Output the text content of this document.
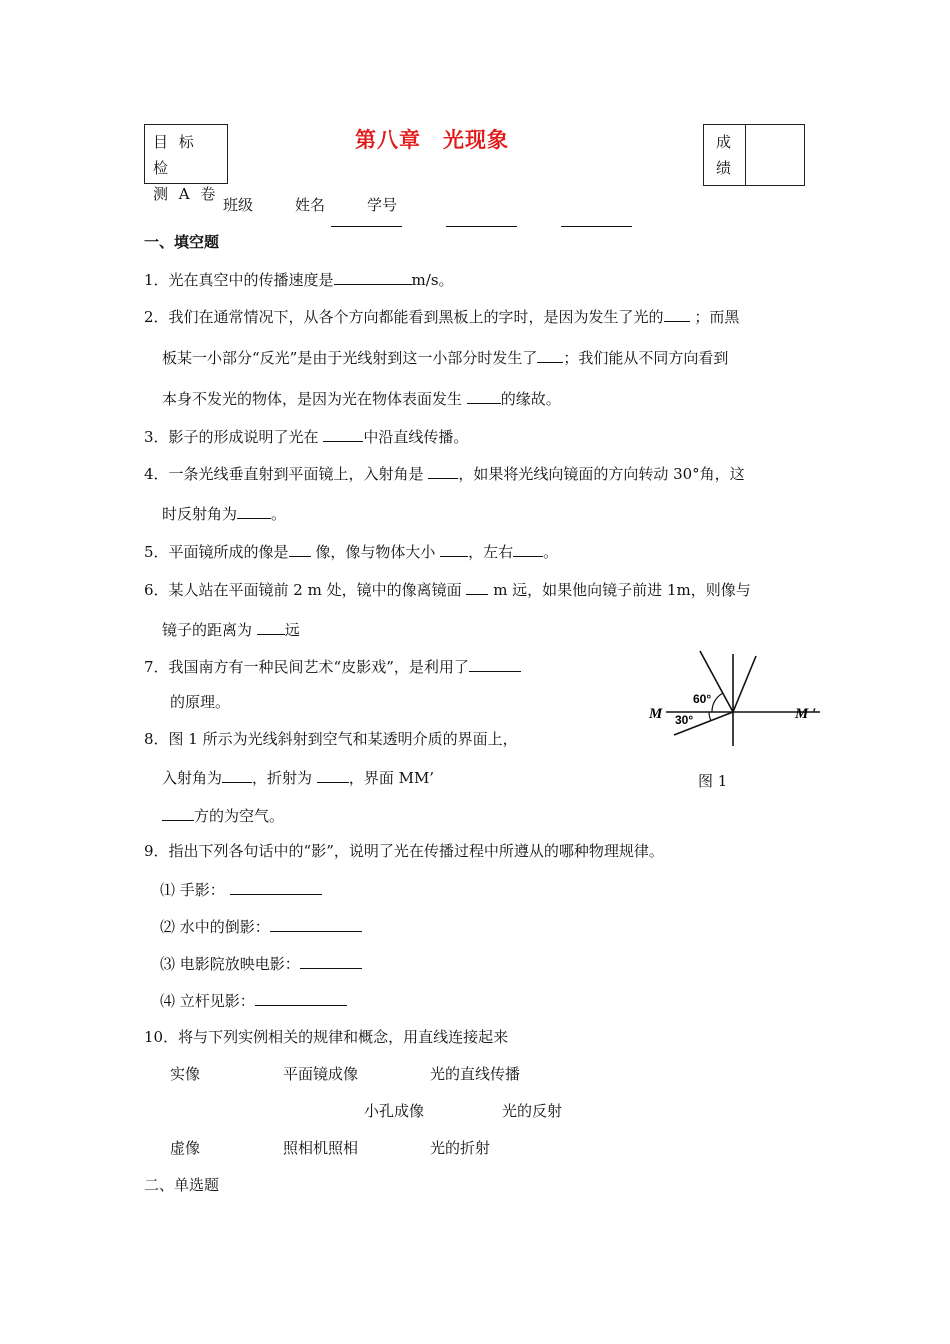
目 标 检
测 A 卷
第八章　光现象	成
绩
班级	姓名	学号
一、填空题
1．光在真空中的传播速度是	m/s。
2．我们在通常情况下，从各个方向都能看到黑板上的字时，是因为发生了光的 ；而黑
板某一小部分“反光”是由于光线射到这一小部分时发生了 ；我们能从不同方向看到
本身不发光的物体，是因为光在物体表面发生	的缘故。
3．影子的形成说明了光在	中沿直线传播。
4．一条光线垂直射到平面镜上，入射角是 ，如果将光线向镜面的方向转动 30°角，这
时反射角为 。
5．平面镜所成的像是 像，像与物体大小 ，左右 。
6．某人站在平面镜前 2 m 处，镜中的像离镜面 m 远，如果他向镜子前进 1m，则像与
镜子的距离为 远
7．我国南方有一种民间艺术“皮影戏”，是利用了
的原理。
8．图 1 所示为光线斜射到空气和某透明介质的界面上，
入射角为 ，折射为 ，界面 MM’
方的为空气。
M	M ′
60°
30°
图 1
9．指出下列各句话中的“影”，说明了光在传播过程中所遵从的哪种物理规律。
⑴ 手影：
⑵ 水中的倒影：
⑶ 电影院放映电影：
⑷ 立杆见影：
10．将与下列实例相关的规律和概念，用直线连接起来
实像	平面镜成像	光的直线传播
小孔成像	光的反射
虚像	照相机照相	光的折射
二、单选题
